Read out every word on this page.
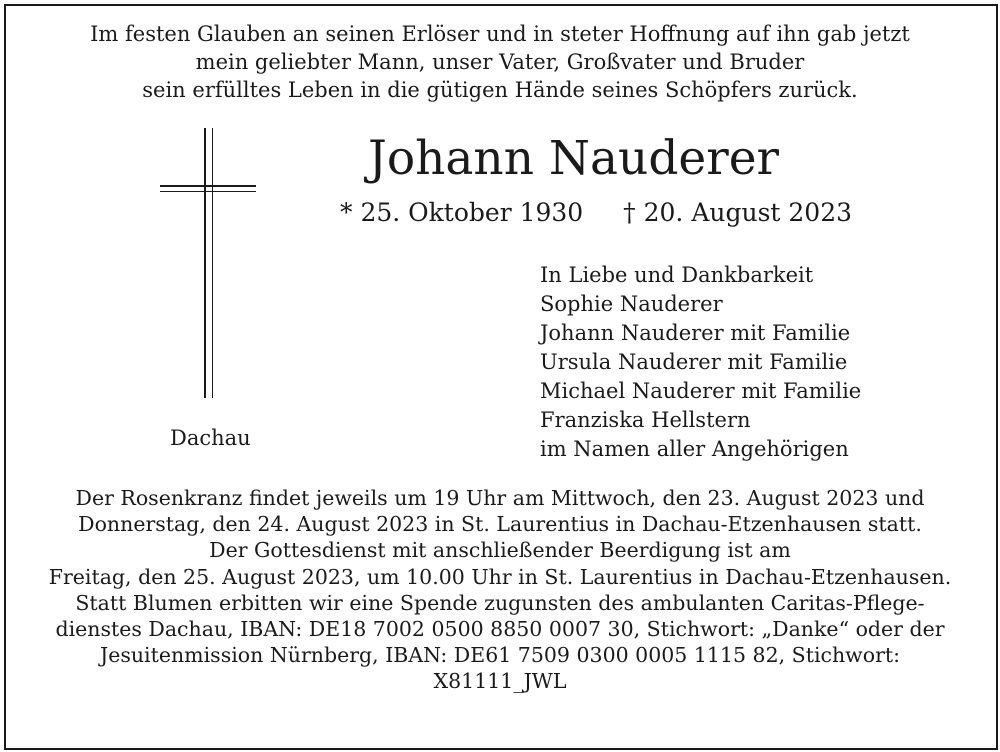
Im festen Glauben an seinen Erlöser und in steter Hoffnung auf ihn gab jetzt
mein geliebter Mann, unser Vater, Großvater und Bruder
sein erfülltes Leben in die gütigen Hände seines Schöpfers zurück.
Dachau
Johann Nauderer
* 25. Oktober 1930 † 20. August 2023
In Liebe und Dankbarkeit
Sophie Nauderer
Johann Nauderer mit Familie
Ursula Nauderer mit Familie
Michael Nauderer mit Familie
Franziska Hellstern
im Namen aller Angehörigen
Der Rosenkranz findet jeweils um 19 Uhr am Mittwoch, den 23. August 2023 und
Donnerstag, den 24. August 2023 in St. Laurentius in Dachau-Etzenhausen statt.
Der Gottesdienst mit anschließender Beerdigung ist am
Freitag, den 25. August 2023, um 10.00 Uhr in St. Laurentius in Dachau-Etzenhausen.
Statt Blumen erbitten wir eine Spende zugunsten des ambulanten Caritas-Pflege-
dienstes Dachau, IBAN: DE18 7002 0500 8850 0007 30, Stichwort: „Danke“ oder der
Jesuitenmission Nürnberg, IBAN: DE61 7509 0300 0005 1115 82, Stichwort:
X81111_JWL
